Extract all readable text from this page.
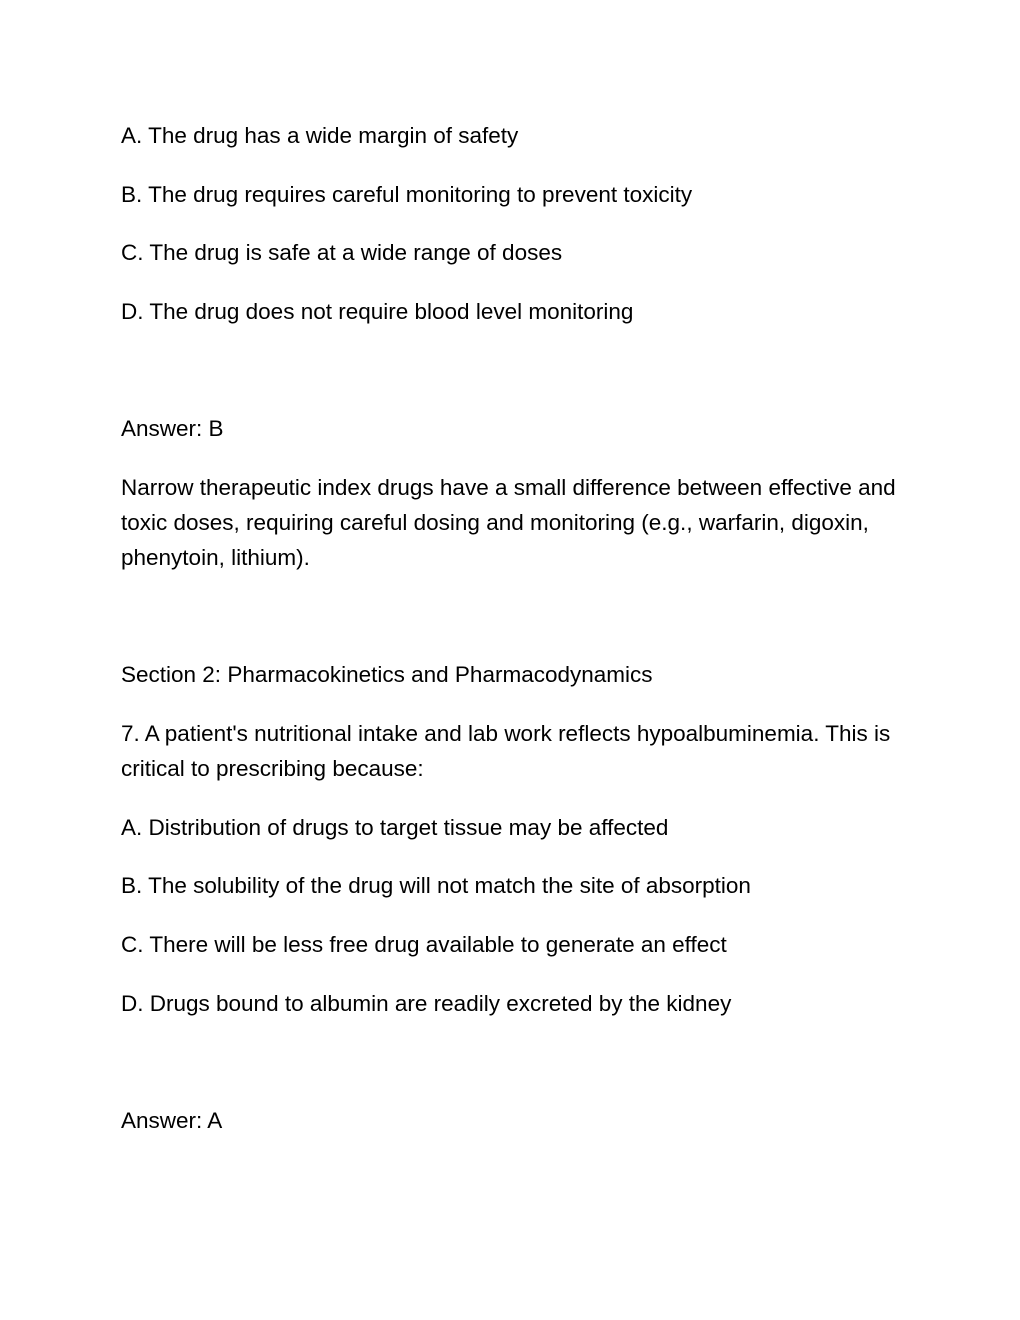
A. The drug has a wide margin of safety
B. The drug requires careful monitoring to prevent toxicity
C. The drug is safe at a wide range of doses
D. The drug does not require blood level monitoring
Answer: B
Narrow therapeutic index drugs have a small difference between effective and toxic doses, requiring careful dosing and monitoring (e.g., warfarin, digoxin, phenytoin, lithium).
Section 2: Pharmacokinetics and Pharmacodynamics
7. A patient's nutritional intake and lab work reflects hypoalbuminemia. This is critical to prescribing because:
A. Distribution of drugs to target tissue may be affected
B. The solubility of the drug will not match the site of absorption
C. There will be less free drug available to generate an effect
D. Drugs bound to albumin are readily excreted by the kidney
Answer: A
